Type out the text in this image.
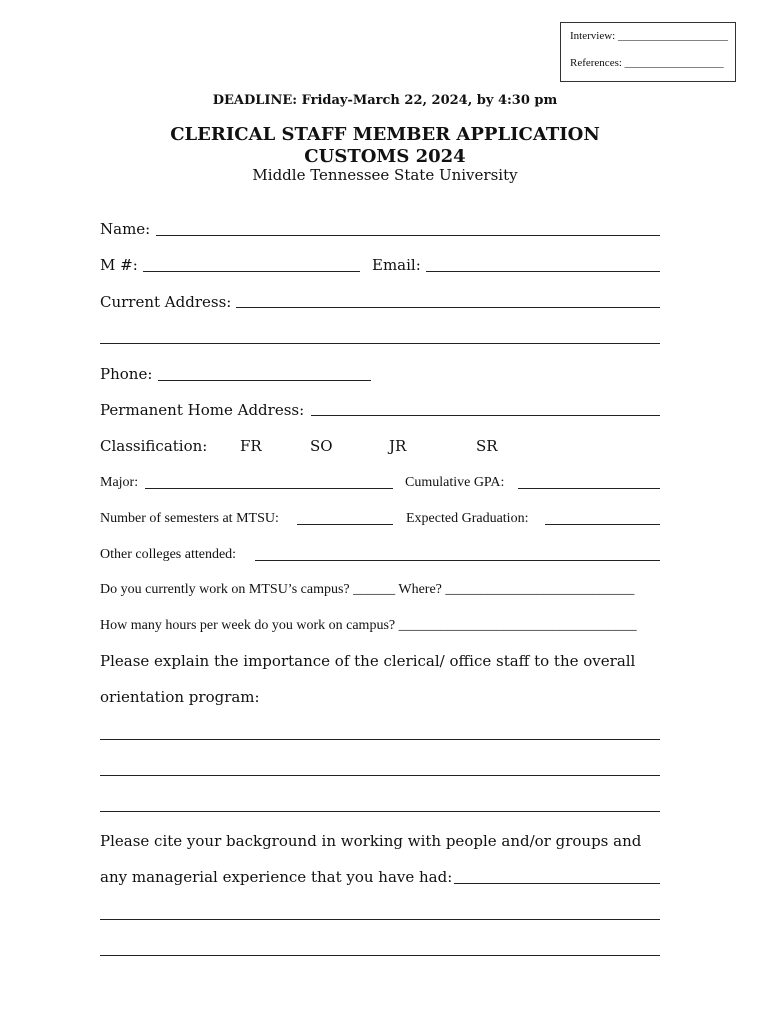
Interview: ____________________
References: __________________
DEADLINE: Friday-March 22, 2024, by 4:30 pm
CLERICAL STAFF MEMBER APPLICATION
CUSTOMS 2024
Middle Tennessee State University
Name:
M #:	Email:
Current Address:
Phone:
Permanent Home Address:
Classification: FR	SO	JR	SR
Major:	Cumulative GPA:
Number of semesters at MTSU:	Expected Graduation:
Other colleges attended:
Do you currently work on MTSU’s campus? ______ Where? ___________________________
How many hours per week do you work on campus? __________________________________
Please explain the importance of the clerical/ office staff to the overall
orientation program:
Please cite your background in working with people and/or groups and
any managerial experience that you have had:
